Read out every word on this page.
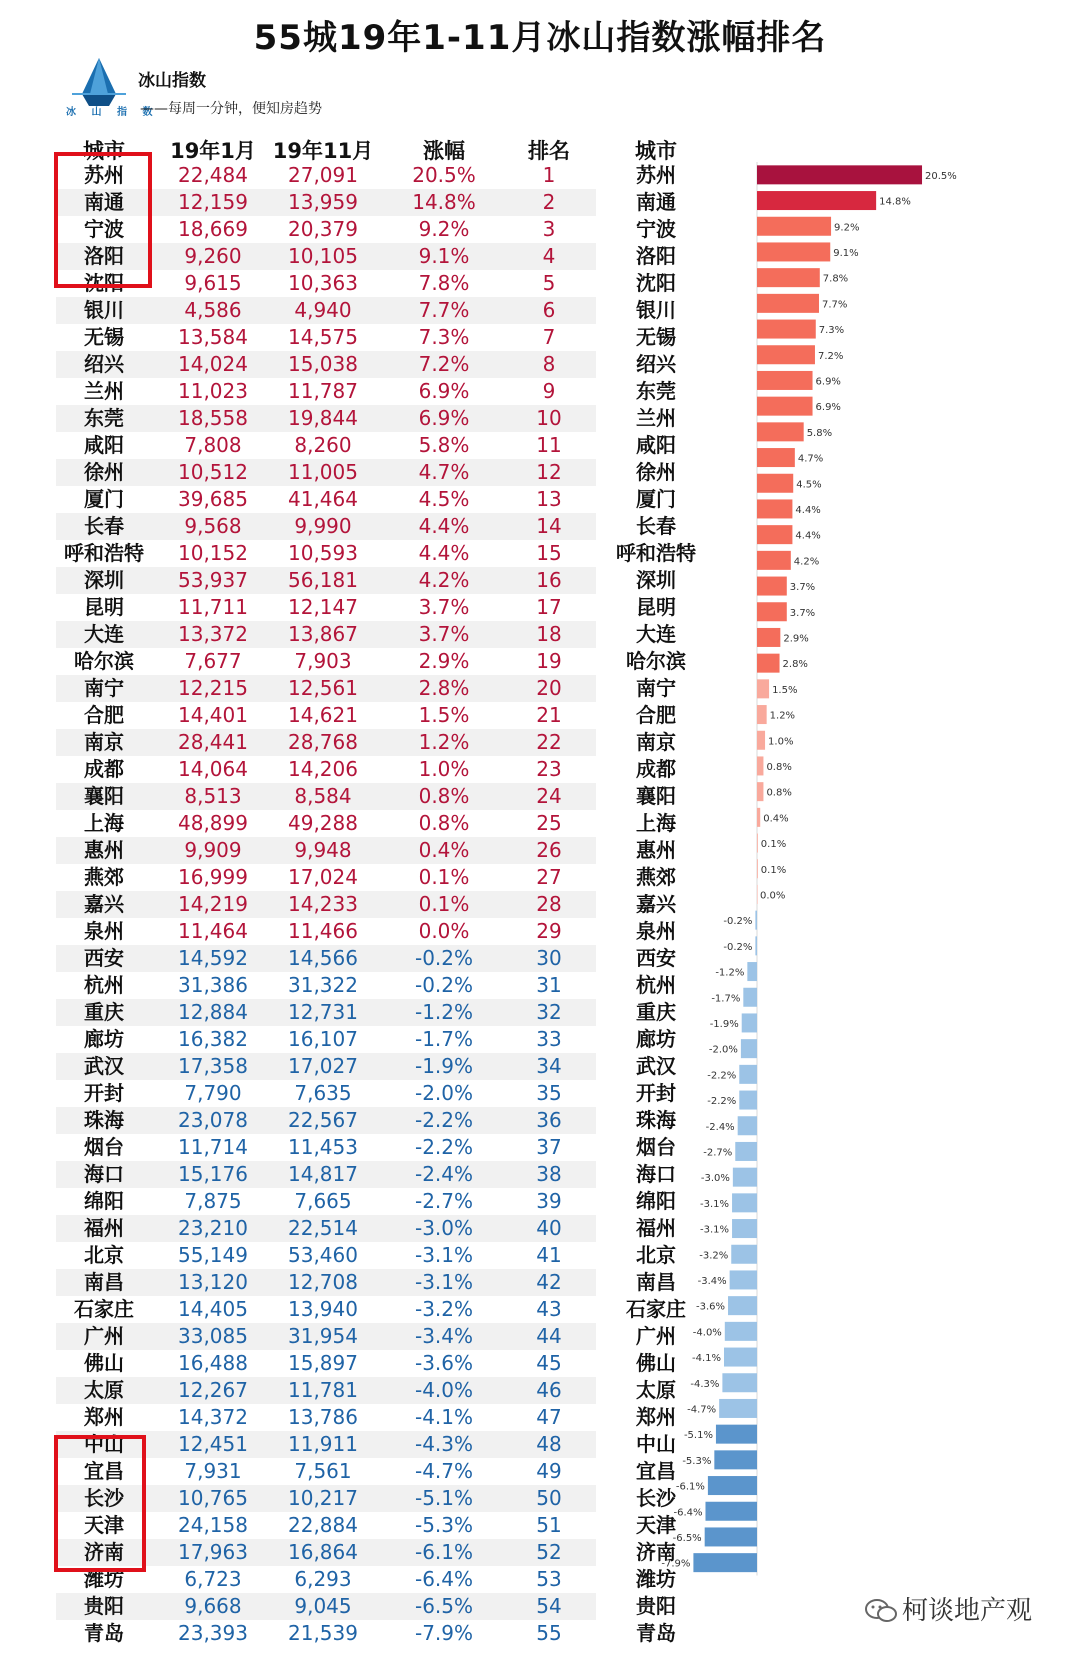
55城19年1-11月冰山指数涨幅排名
冰 山 指 数
冰山指数
——每周一分钟，便知房趋势
城市	19年1月 19年11月	涨幅	排名	城市
苏州	22,484	27,091	20.5%	1
南通	12,159	13,959	14.8%	2
宁波	18,669	20,379	9.2%	3
洛阳	9,260	10,105	9.1%	4
沈阳	9,615	10,363	7.8%	5
银川	4,586	4,940	7.7%	6
无锡	13,584	14,575	7.3%	7
绍兴	14,024	15,038	7.2%	8
兰州	11,023	11,787	6.9%	9
东莞	18,558	19,844	6.9%	10
咸阳	7,808	8,260	5.8%	11
徐州	10,512	11,005	4.7%	12
厦门	39,685	41,464	4.5%	13
长春	9,568	9,990	4.4%	14
呼和浩特	10,152	10,593	4.4%	15
深圳	53,937	56,181	4.2%	16
昆明	11,711	12,147	3.7%	17
大连	13,372	13,867	3.7%	18
哈尔滨	7,677	7,903	2.9%	19
南宁	12,215	12,561	2.8%	20
合肥	14,401	14,621	1.5%	21
南京	28,441	28,768	1.2%	22
成都	14,064	14,206	1.0%	23
襄阳	8,513	8,584	0.8%	24
上海	48,899	49,288	0.8%	25
惠州	9,909	9,948	0.4%	26
燕郊	16,999	17,024	0.1%	27
嘉兴	14,219	14,233	0.1%	28
泉州	11,464	11,466	0.0%	29
西安	14,592	14,566	-0.2%	30
杭州	31,386	31,322	-0.2%	31
重庆	12,884	12,731	-1.2%	32
廊坊	16,382	16,107	-1.7%	33
武汉	17,358	17,027	-1.9%	34
开封	7,790	7,635	-2.0%	35
珠海	23,078	22,567	-2.2%	36
烟台	11,714	11,453	-2.2%	37
海口	15,176	14,817	-2.4%	38
绵阳	7,875	7,665	-2.7%	39
福州	23,210	22,514	-3.0%	40
北京	55,149	53,460	-3.1%	41
南昌	13,120	12,708	-3.1%	42
石家庄	14,405	13,940	-3.2%	43
广州	33,085	31,954	-3.4%	44
佛山	16,488	15,897	-3.6%	45
太原	12,267	11,781	-4.0%	46
郑州	14,372	13,786	-4.1%	47
中山	12,451	11,911	-4.3%	48
宜昌	7,931	7,561	-4.7%	49
长沙	10,765	10,217	-5.1%	50
天津	24,158	22,884	-5.3%	51
济南	17,963	16,864	-6.1%	52
潍坊	6,723	6,293	-6.4%	53
贵阳	9,668	9,045	-6.5%	54
青岛	23,393	21,539	-7.9%	55
苏州
南通
宁波
洛阳
沈阳
银川
无锡
绍兴
东莞
兰州
咸阳
徐州
厦门
长春
呼和浩特
深圳
昆明
大连
哈尔滨
南宁
合肥
南京
成都
襄阳
上海
惠州
燕郊
嘉兴
泉州
西安
杭州
重庆
廊坊
武汉
开封
珠海
烟台
海口
绵阳
福州
北京
南昌
石家庄
广州
佛山
太原
郑州
中山
宜昌
长沙
天津
济南
潍坊
贵阳
青岛
20.5%
14.8%
9.2%
9.1%
7.8%
7.7%
7.3%
7.2%
6.9%
6.9%
5.8%
4.7%
4.5%
4.4%
4.4%
4.2%
3.7%
3.7%
2.9%
2.8%
1.5%
1.2%
1.0%
0.8%
0.8%
0.4%
0.1%
0.1%
0.0%
-0.2%
-0.2%
-1.2%
-1.7%
-1.9%
-2.0%
-2.2%
-2.2%
-2.4%
-2.7%
-3.0%
-3.1%
-3.1%
-3.2%
-3.4%
-3.6%
-4.0%
-4.1%
-4.3%
-4.7%
-5.1%
-5.3%
-6.1%
-6.4%
-6.5%
-7.9%
柯谈地产观
